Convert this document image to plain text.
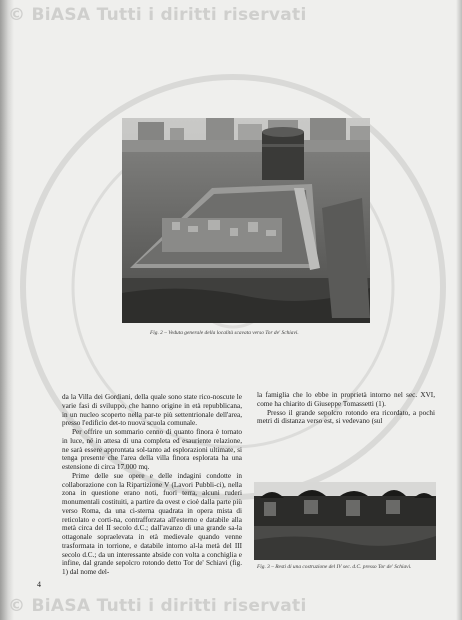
© BiASA Tutti i diritti riservati
Fig. 2 – Veduta generale della località scavata verso Tor de' Schiavi.

da la Villa dei Gordiani, della quale sono state rico-noscute le varie fasi di sviluppo, che hanno origine in età repubblicana, in un nucleo scoperto nella par-te più settentrionale dell'area, presso l'edificio det-to nuova scuola comunale.

Per offrire un sommario cenno di quanto finora è tornato in luce, né in attesa di una completa ed esauriente relazione, ne sarà essere approntata sol-tanto ad esplorazioni ultimate, si tenga presente che l'area della villa finora esplorata ha una estensione di circa 17.000 mq.

Prime delle sue opere e delle indagini condotte in collaborazione con la Ripartizione V (Lavori Pubbli-ci), nella zona in questione erano noti, fuori terra, alcuni ruderi monumentali costituiti, a partire da ovest e cioè dalla parte più verso Roma, da una ci-sterna quadrata in opera mista di reticolato e corti-na, contrafforzata all'esterno e databile alla metà circa del II secolo d.C.; dall'avanzo di una grande sa-la ottagonale sopraelevata in età medievale quando venne trasformata in torrione, e databile intorno al-la metà del III secolo d.C.; da un interessante abside con volta a conchiglia e infine, dal grande sepolcro rotondo detto Tor de' Schiavi (fig. 1) dal nome del-

la famiglia che lo ebbe in proprietà intorno nel sec. XVI, come ha chiarito di Giuseppe Tomassetti (1).

Presso il grande sepolcro rotondo era ricordato, a pochi metri di distanza verso est, si vedevano (sul

Fig. 3 – Resti di una costruzione del IV sec. d.C. presso Tor de' Schiavi.
4
© BiASA Tutti i diritti riservati
